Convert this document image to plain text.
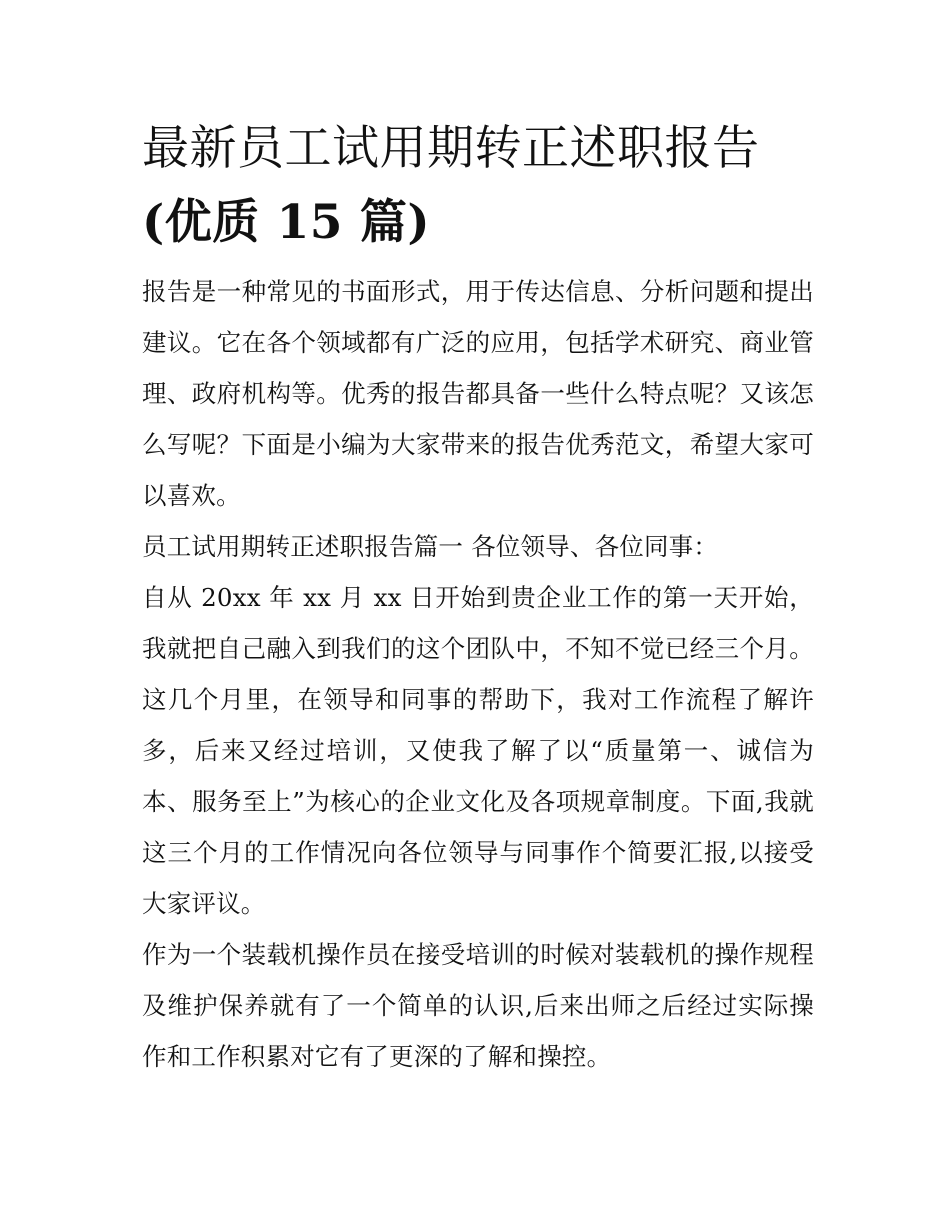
最新员工试用期转正述职报告
(优质 15 篇)

报告是一种常见的书面形式，用于传达信息、分析问题和提出建议。它在各个领域都有广泛的应用，包括学术研究、商业管理、政府机构等。优秀的报告都具备一些什么特点呢？又该怎么写呢？下面是小编为大家带来的报告优秀范文，希望大家可以喜欢。

员工试用期转正述职报告篇一 各位领导、各位同事：

自从 20xx 年 xx 月 xx 日开始到贵企业工作的第一天开始，我就把自己融入到我们的这个团队中，不知不觉已经三个月。这几个月里，在领导和同事的帮助下，我对工作流程了解许多，后来又经过培训，又使我了解了以“质量第一、诚信为本、服务至上”为核心的企业文化及各项规章制度。下面,我就这三个月的工作情况向各位领导与同事作个简要汇报,以接受大家评议。

作为一个装载机操作员在接受培训的时候对装载机的操作规程及维护保养就有了一个简单的认识,后来出师之后经过实际操作和工作积累对它有了更深的了解和操控。
